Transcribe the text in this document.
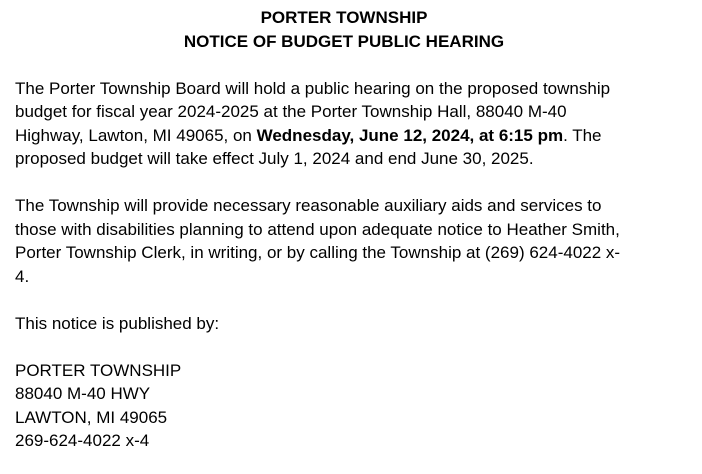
PORTER TOWNSHIP
NOTICE OF BUDGET PUBLIC HEARING
The Porter Township Board will hold a public hearing on the proposed township
budget for fiscal year 2024-2025 at the Porter Township Hall, 88040 M-40
Highway, Lawton, MI 49065, on Wednesday, June 12, 2024, at 6:15 pm. The
proposed budget will take effect July 1, 2024 and end June 30, 2025.
The Township will provide necessary reasonable auxiliary aids and services to
those with disabilities planning to attend upon adequate notice to Heather Smith,
Porter Township Clerk, in writing, or by calling the Township at (269) 624-4022 x-
4.
This notice is published by:
PORTER TOWNSHIP
88040 M-40 HWY
LAWTON, MI 49065
269-624-4022 x-4
